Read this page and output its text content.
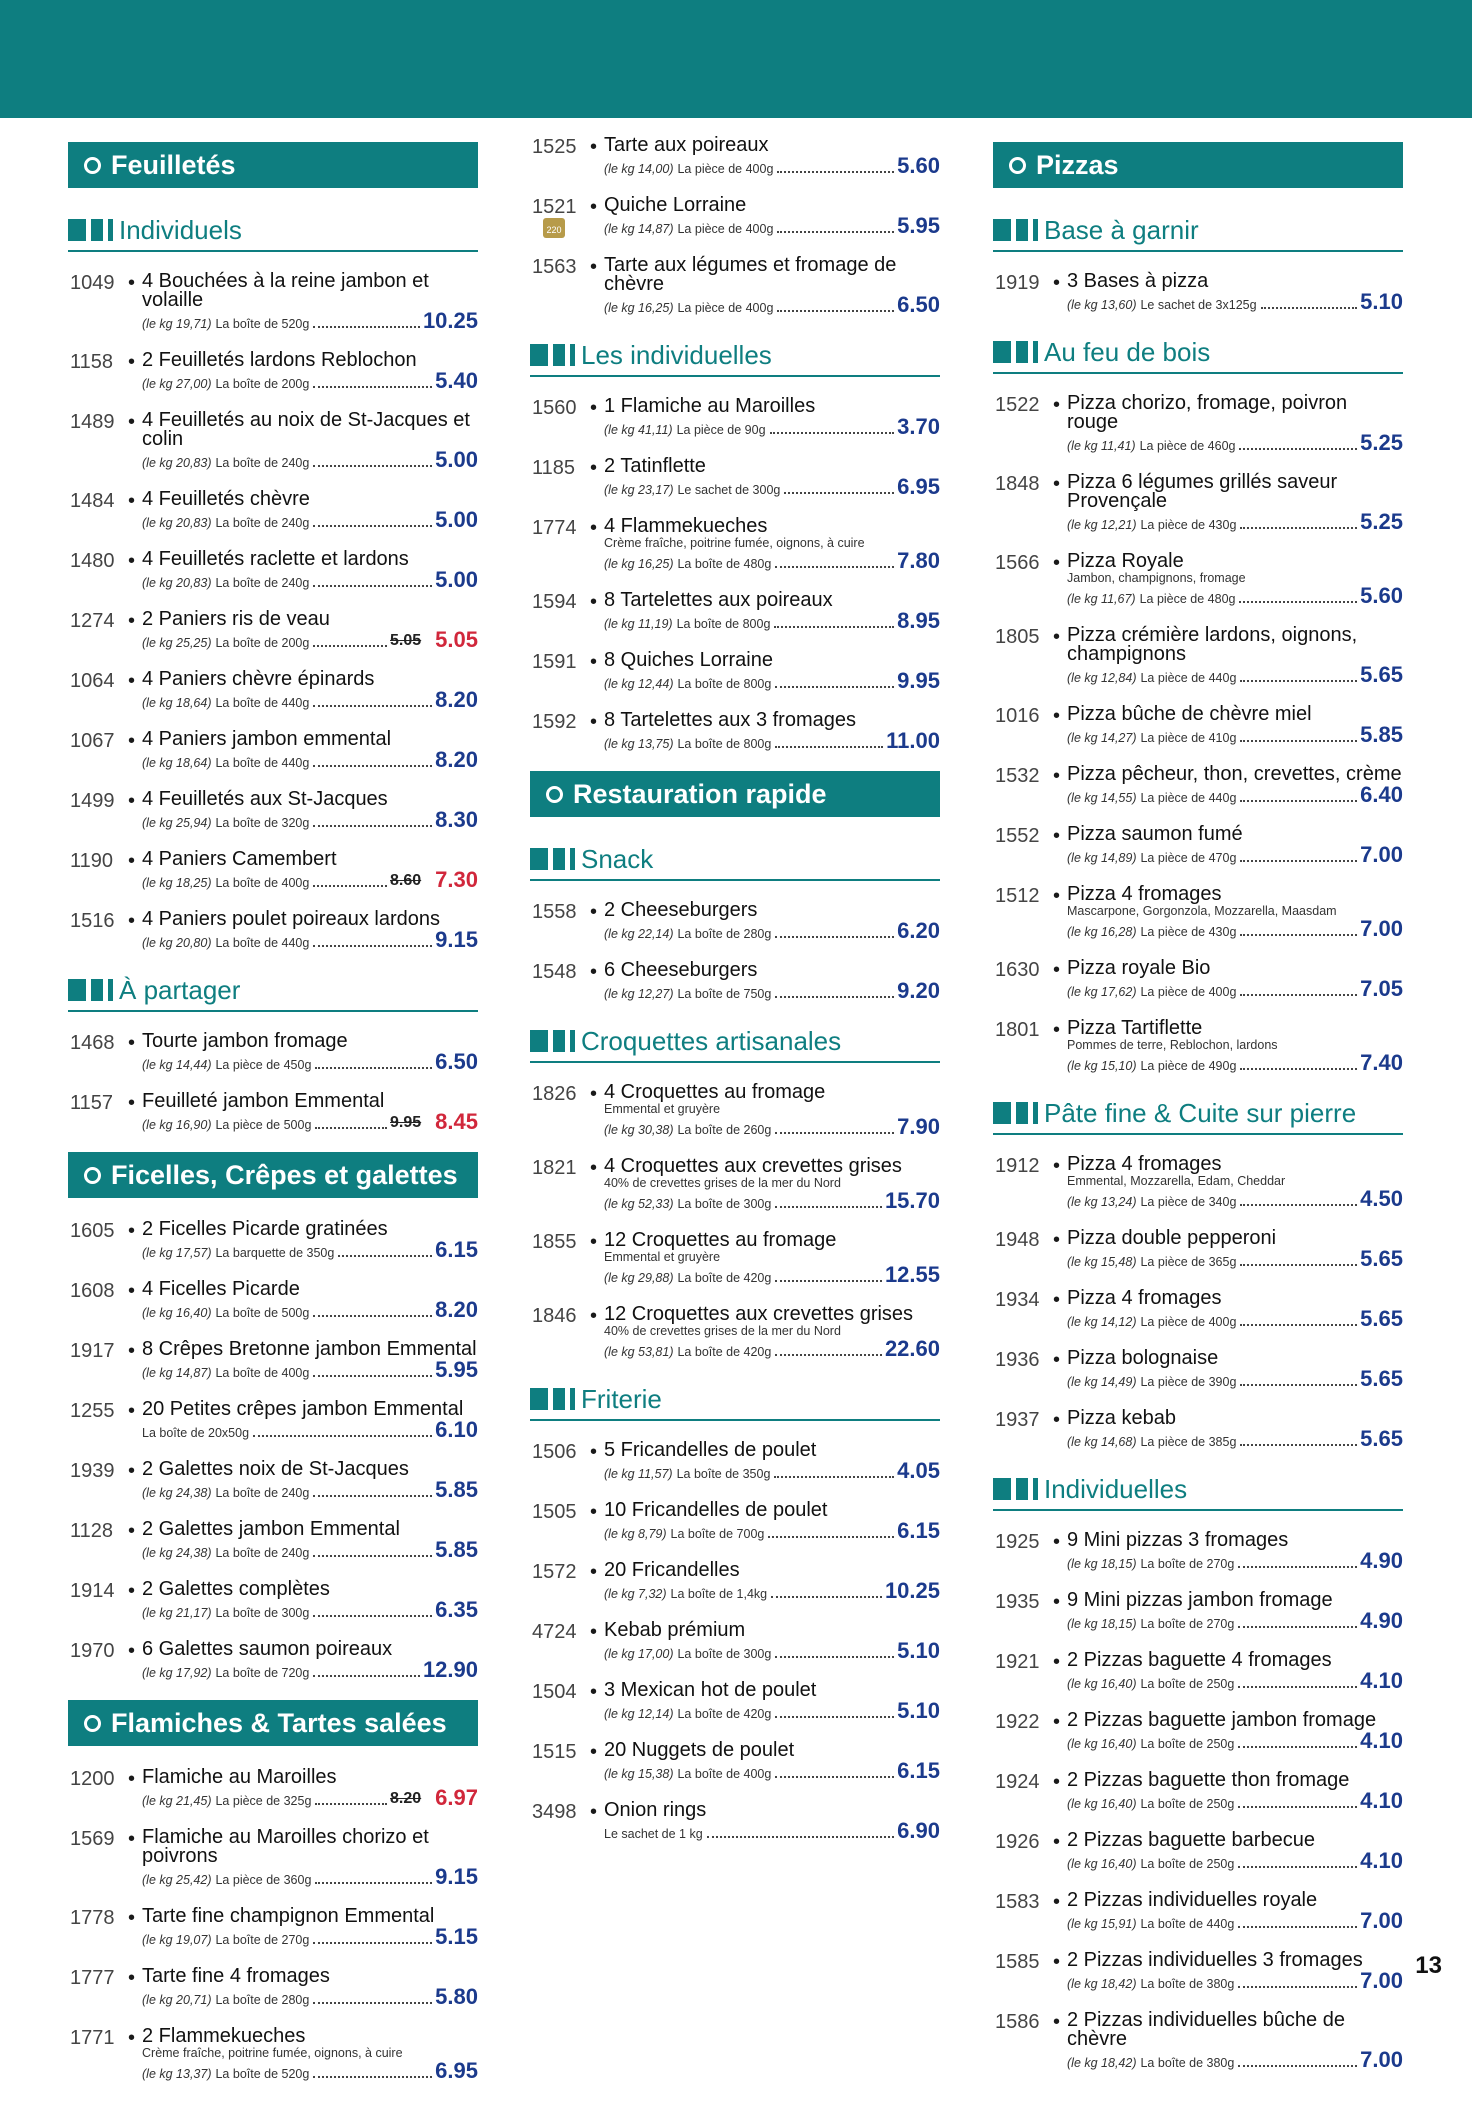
Feuilletés
Individuels
1049 • 4 Bouchées à la reine jambon et volaille
(le kg 19,71) La boîte de 520g	10.25
1158 • 2 Feuilletés lardons Reblochon
(le kg 27,00) La boîte de 200g	5.40
1489 • 4 Feuilletés au noix de St-Jacques et colin
(le kg 20,83) La boîte de 240g	5.00
1484 • 4 Feuilletés chèvre
(le kg 20,83) La boîte de 240g	5.00
1480 • 4 Feuilletés raclette et lardons
(le kg 20,83) La boîte de 240g	5.00
1274 • 2 Paniers ris de veau
(le kg 25,25) La boîte de 200g	5.05 5.05
1064 • 4 Paniers chèvre épinards
(le kg 18,64) La boîte de 440g	8.20
1067 • 4 Paniers jambon emmental
(le kg 18,64) La boîte de 440g	8.20
1499 • 4 Feuilletés aux St-Jacques
(le kg 25,94) La boîte de 320g	8.30
1190 • 4 Paniers Camembert
(le kg 18,25) La boîte de 400g	8.60 7.30
1516 • 4 Paniers poulet poireaux lardons
(le kg 20,80) La boîte de 440g	9.15
À partager
1468 • Tourte jambon fromage
(le kg 14,44) La pièce de 450g	6.50
1157 • Feuilleté jambon Emmental
(le kg 16,90) La pièce de 500g	9.95 8.45
Ficelles, Crêpes et galettes
1605 • 2 Ficelles Picarde gratinées
(le kg 17,57) La barquette de 350g	6.15
1608 • 4 Ficelles Picarde
(le kg 16,40) La boîte de 500g	8.20
1917 • 8 Crêpes Bretonne jambon Emmental
(le kg 14,87) La boîte de 400g	5.95
1255 • 20 Petites crêpes jambon Emmental
La boîte de 20x50g	6.10
1939 • 2 Galettes noix de St-Jacques
(le kg 24,38) La boîte de 240g	5.85
1128 • 2 Galettes jambon Emmental
(le kg 24,38) La boîte de 240g	5.85
1914 • 2 Galettes complètes
(le kg 21,17) La boîte de 300g	6.35
1970 • 6 Galettes saumon poireaux
(le kg 17,92) La boîte de 720g	12.90
Flamiches & Tartes salées
1200 • Flamiche au Maroilles
(le kg 21,45) La pièce de 325g	8.20 6.97
1569 • Flamiche au Maroilles chorizo et poivrons
(le kg 25,42) La pièce de 360g	9.15
1778 • Tarte fine champignon Emmental
(le kg 19,07) La boîte de 270g	5.15
1777 • Tarte fine 4 fromages
(le kg 20,71) La boîte de 280g	5.80
1771 • 2 Flammekueches
Crème fraîche, poitrine fumée, oignons, à cuire
(le kg 13,37) La boîte de 520g	6.95
1525 • Tarte aux poireaux
(le kg 14,00) La pièce de 400g	5.60
1521 •
220
Quiche Lorraine
(le kg 14,87) La pièce de 400g	5.95
1563 • Tarte aux légumes et fromage de chèvre
(le kg 16,25) La pièce de 400g	6.50
Les individuelles
1560 • 1 Flamiche au Maroilles
(le kg 41,11) La pièce de 90g	3.70
1185 • 2 Tatinflette
(le kg 23,17) Le sachet de 300g	6.95
1774 • 4 Flammekueches
Crème fraîche, poitrine fumée, oignons, à cuire
(le kg 16,25) La boîte de 480g	7.80
1594 • 8 Tartelettes aux poireaux
(le kg 11,19) La boîte de 800g	8.95
1591 • 8 Quiches Lorraine
(le kg 12,44) La boîte de 800g	9.95
1592 • 8 Tartelettes aux 3 fromages
(le kg 13,75) La boîte de 800g	11.00
Restauration rapide
Snack
1558 • 2 Cheeseburgers
(le kg 22,14) La boîte de 280g	6.20
1548 • 6 Cheeseburgers
(le kg 12,27) La boîte de 750g	9.20
Croquettes artisanales
1826 • 4 Croquettes au fromage
Emmental et gruyère
(le kg 30,38) La boîte de 260g	7.90
1821 • 4 Croquettes aux crevettes grises
40% de crevettes grises de la mer du Nord
(le kg 52,33) La boîte de 300g	15.70
1855 • 12 Croquettes au fromage
Emmental et gruyère
(le kg 29,88) La boîte de 420g	12.55
1846 • 12 Croquettes aux crevettes grises
40% de crevettes grises de la mer du Nord
(le kg 53,81) La boîte de 420g	22.60
Friterie
1506 • 5 Fricandelles de poulet
(le kg 11,57) La boîte de 350g	4.05
1505 • 10 Fricandelles de poulet
(le kg 8,79) La boîte de 700g	6.15
1572 • 20 Fricandelles
(le kg 7,32) La boîte de 1,4kg	10.25
4724 • Kebab prémium
(le kg 17,00) La boîte de 300g	5.10
1504 • 3 Mexican hot de poulet
(le kg 12,14) La boîte de 420g	5.10
1515 • 20 Nuggets de poulet
(le kg 15,38) La boîte de 400g	6.15
3498 • Onion rings
Le sachet de 1 kg	6.90
Pizzas
Base à garnir
1919 • 3 Bases à pizza
(le kg 13,60) Le sachet de 3x125g	5.10
Au feu de bois
1522 • Pizza chorizo, fromage, poivron rouge
(le kg 11,41) La pièce de 460g	5.25
1848 • Pizza 6 légumes grillés saveur Provençale
(le kg 12,21) La pièce de 430g	5.25
1566 • Pizza Royale
Jambon, champignons, fromage
(le kg 11,67) La pièce de 480g	5.60
1805 • Pizza crémière lardons, oignons, champignons
(le kg 12,84) La pièce de 440g	5.65
1016 • Pizza bûche de chèvre miel
(le kg 14,27) La pièce de 410g	5.85
1532 • Pizza pêcheur, thon, crevettes, crème
(le kg 14,55) La pièce de 440g	6.40
1552 • Pizza saumon fumé
(le kg 14,89) La pièce de 470g	7.00
1512 • Pizza 4 fromages
Mascarpone, Gorgonzola, Mozzarella, Maasdam
(le kg 16,28) La pièce de 430g	7.00
1630 • Pizza royale Bio
(le kg 17,62) La pièce de 400g	7.05
1801 • Pizza Tartiflette
Pommes de terre, Reblochon, lardons
(le kg 15,10) La pièce de 490g	7.40
Pâte fine & Cuite sur pierre
1912 • Pizza 4 fromages
Emmental, Mozzarella, Edam, Cheddar
(le kg 13,24) La pièce de 340g	4.50
1948 • Pizza double pepperoni
(le kg 15,48) La pièce de 365g	5.65
1934 • Pizza 4 fromages
(le kg 14,12) La pièce de 400g	5.65
1936 • Pizza bolognaise
(le kg 14,49) La pièce de 390g	5.65
1937 • Pizza kebab
(le kg 14,68) La pièce de 385g	5.65
Individuelles
1925 • 9 Mini pizzas 3 fromages
(le kg 18,15) La boîte de 270g	4.90
1935 • 9 Mini pizzas jambon fromage
(le kg 18,15) La boîte de 270g	4.90
1921 • 2 Pizzas baguette 4 fromages
(le kg 16,40) La boîte de 250g	4.10
1922 • 2 Pizzas baguette jambon fromage
(le kg 16,40) La boîte de 250g	4.10
1924 • 2 Pizzas baguette thon fromage
(le kg 16,40) La boîte de 250g	4.10
1926 • 2 Pizzas baguette barbecue
(le kg 16,40) La boîte de 250g	4.10
1583 • 2 Pizzas individuelles royale
(le kg 15,91) La boîte de 440g	7.00
1585 • 2 Pizzas individuelles 3 fromages
(le kg 18,42) La boîte de 380g	7.00
1586 • 2 Pizzas individuelles bûche de chèvre
(le kg 18,42) La boîte de 380g	7.00
13
